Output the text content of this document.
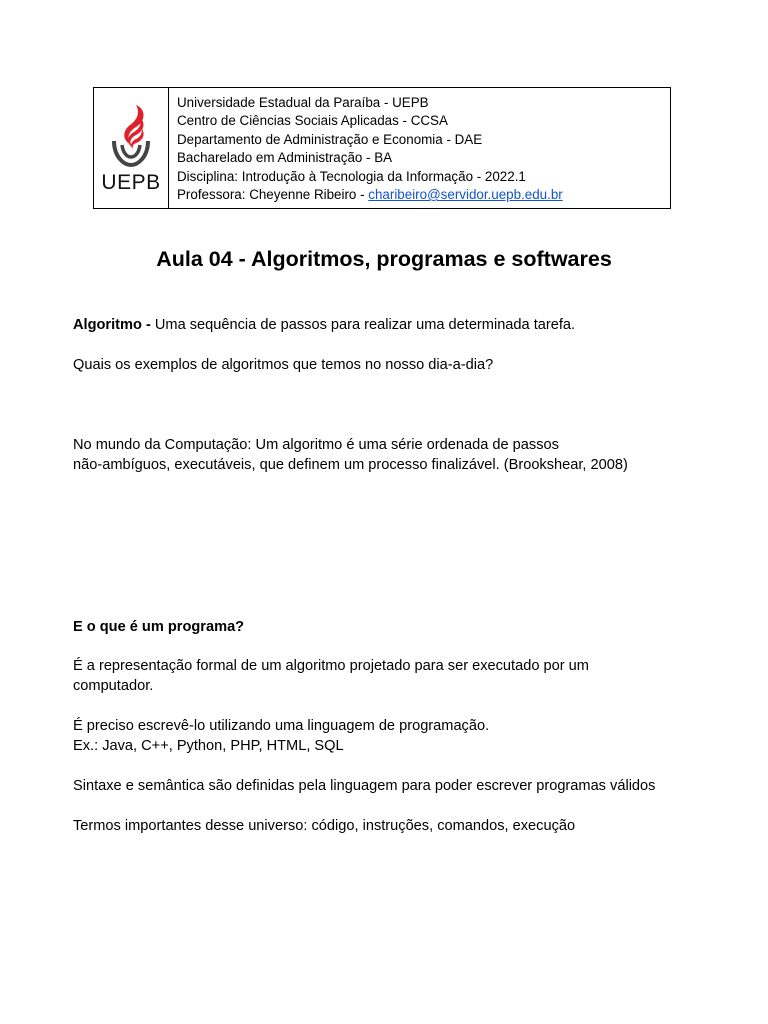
UEPB
Universidade Estadual da Paraíba - UEPB
Centro de Ciências Sociais Aplicadas - CCSA
Departamento de Administração e Economia - DAE
Bacharelado em Administração - BA
Disciplina: Introdução à Tecnologia da Informação - 2022.1
Professora: Cheyenne Ribeiro - charibeiro@servidor.uepb.edu.br
Aula 04 - Algoritmos, programas e softwares
Algoritmo - Uma sequência de passos para realizar uma determinada tarefa.
Quais os exemplos de algoritmos que temos no nosso dia-a-dia?
No mundo da Computação: Um algoritmo é uma série ordenada de passos
não-ambíguos, executáveis, que definem um processo finalizável. (Brookshear, 2008)
E o que é um programa?
É a representação formal de um algoritmo projetado para ser executado por um
computador.
É preciso escrevê-lo utilizando uma linguagem de programação.
Ex.: Java, C++, Python, PHP, HTML, SQL
Sintaxe e semântica são definidas pela linguagem para poder escrever programas válidos
Termos importantes desse universo: código, instruções, comandos, execução
